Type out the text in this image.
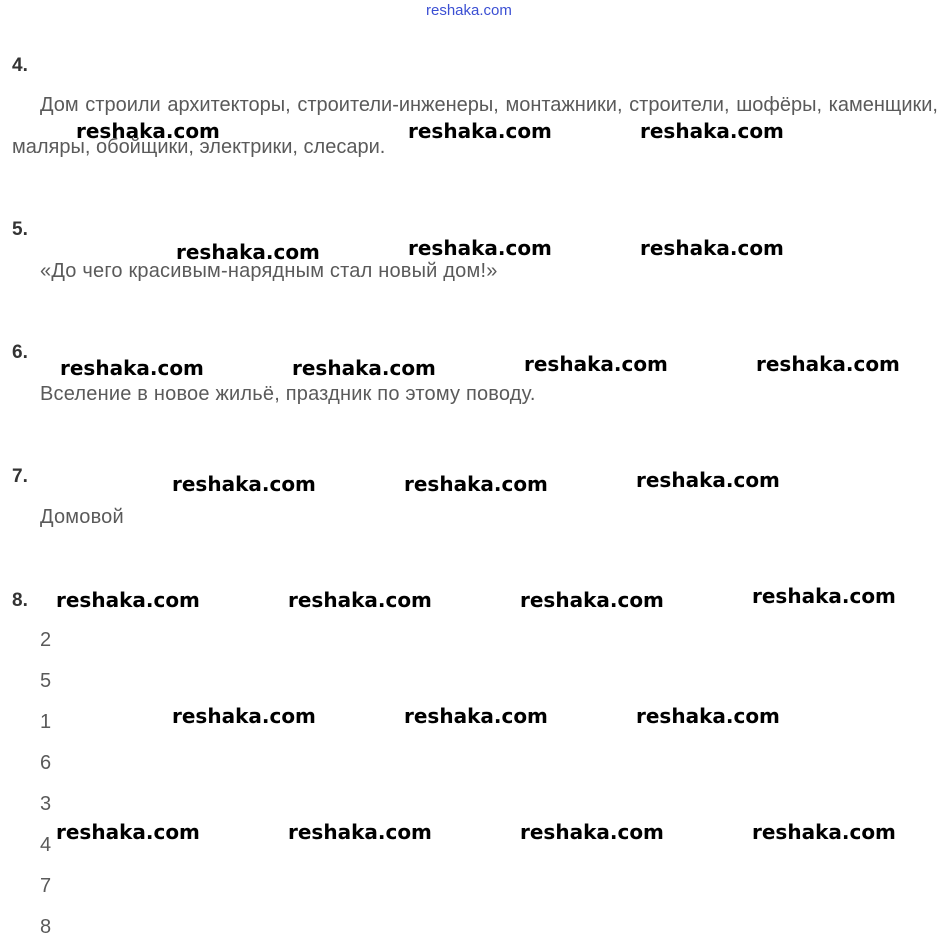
reshaka.com
4.
Дом строили архитекторы, строители-инженеры, монтажники, строители, шофёры, каменщики, маляры, обойщики, электрики, слесари.
5.
«До чего красивым-нарядным стал новый дом!»
6.
Вселение в новое жильё, праздник по этому поводу.
7.
Домовой
8.
2
5
1
6
3
4
7
8
reshaka.com	reshaka.com	reshaka.com
reshaka.com	reshaka.com	reshaka.com
reshaka.com	reshaka.com	reshaka.com	reshaka.com
reshaka.com	reshaka.com	reshaka.com
reshaka.com	reshaka.com	reshaka.com	reshaka.com
reshaka.com	reshaka.com	reshaka.com
reshaka.com	reshaka.com	reshaka.com	reshaka.com
